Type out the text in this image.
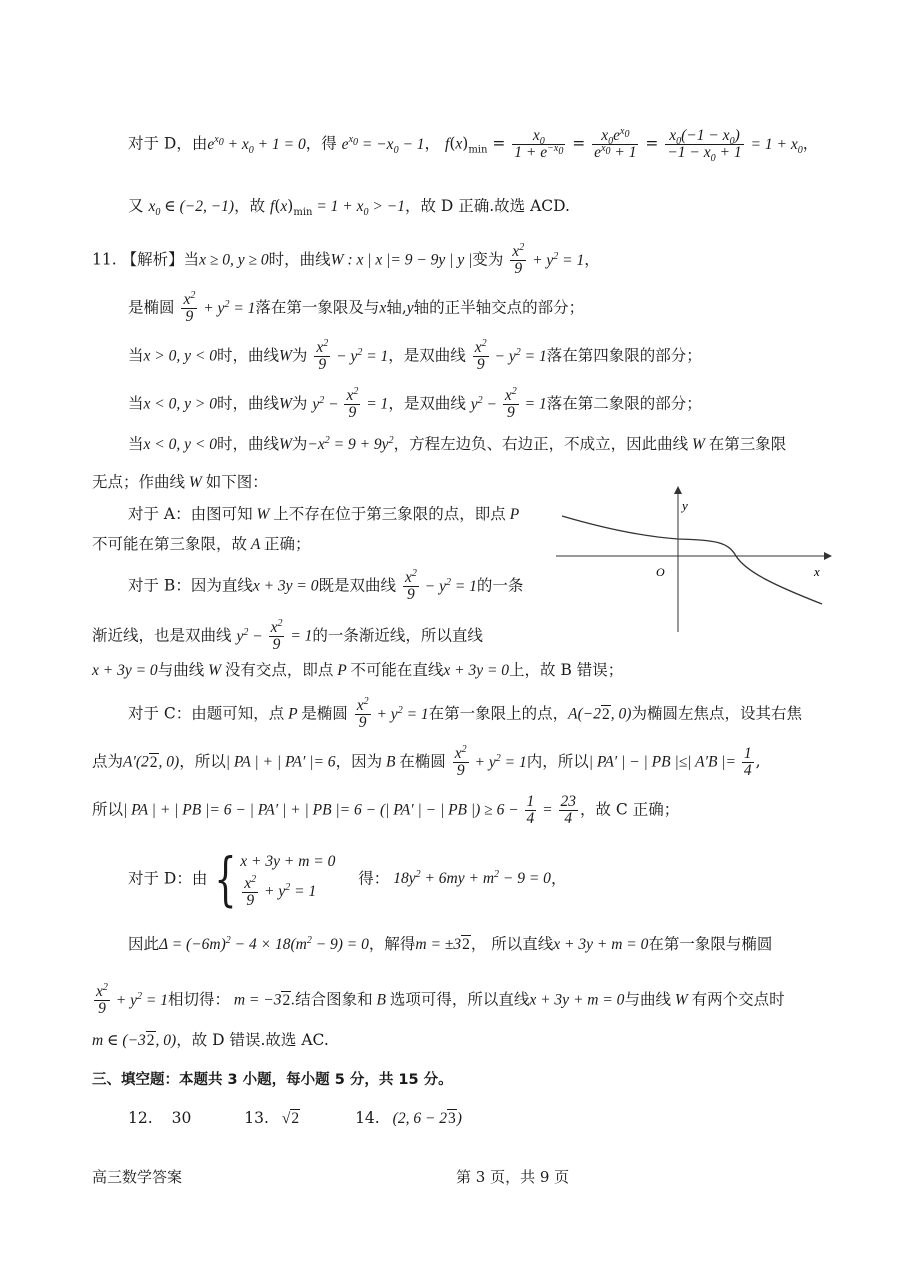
对于 D，由$e^{x_0} + x_0 + 1 = 0$，得 $e^{x_0} = -x_0 - 1$， $f(x)_{min} = \frac{x_0}{1 + e^{-x_0}} = \frac{x_0e^{x_0}}{e^{x_0} + 1} = \frac{x_0(-1 - x_0)}{-1 - x_0 + 1} = 1 + x_0$，
又 $x_0$ ∈ (−2, −1)，故 $f(x)_{min} = 1 + x_0 > -1$，故 D 正确.故选 ACD.
11. 【解析】当x ≥ 0, y ≥ 0时，曲线W : x | x |= 9 − 9y | y |变为 $\frac{x^2}{9} + y^2 = 1$，
是椭圆 $\frac{x^2}{9} + y^2 = 1$落在第一象限及与x轴,y轴的正半轴交点的部分；
当x > 0, y < 0时，曲线W为 $\frac{x^2}{9} - y^2 = 1$，是双曲线 $\frac{x^2}{9} - y^2 = 1$落在第四象限的部分；
当x < 0, y > 0时，曲线W为 $y^2 - \frac{x^2}{9} = 1$，是双曲线 $y^2 - \frac{x^2}{9} = 1$落在第二象限的部分；
当x < 0, y < 0时，曲线W为$-x^2 = 9 + 9y^2$，方程左边负、右边正，不成立，因此曲线 W 在第三象限
无点；作曲线 W 如下图：
对于 A：由图可知 W 上不存在位于第三象限的点，即点 P
不可能在第三象限，故 A 正确；
对于 B：因为直线x + 3y = 0既是双曲线 $\frac{x^2}{9} - y^2 = 1$的一条
渐近线，也是双曲线 $y^2 - \frac{x^2}{9} = 1$的一条渐近线，所以直线
x + 3y = 0与曲线 W 没有交点，即点 P 不可能在直线x + 3y = 0上，故 B 错误；
对于 C：由题可知，点 P 是椭圆 $\frac{x^2}{9} + y^2 = 1$在第一象限上的点，A(−22, 0)为椭圆左焦点，设其右焦
点为A′(22, 0)，所以| PA | + | PA′ |= 6，因为 B 在椭圆 $\frac{x^2}{9} + y^2 = 1$内，所以| PA′ | − | PB |≤| A′B |= $\frac{1}{4}$ ,
所以| PA | + | PB |= 6 − | PA′ | + | PB |= 6 − (| PA′ | − | PB |) ≥ $6 - \frac{1}{4} = \frac{23}{4}$ ，故 C 正确；
对于 D：由 { x + 3y + m = 0
$\frac{x^2}{9} + y^2 = 1$
得： $18y^2 + 6my + m^2 - 9 = 0$，
因此$\Delta = (-6m)^2 - 4 \times 18(m^2 - 9) = 0$，解得m = ±32， 所以直线x + 3y + m = 0在第一象限与椭圆
$\frac{x^2}{9} + y^2 = 1$相切得： m = −32.结合图象和 B 选项可得，所以直线x + 3y + m = 0与曲线 W 有两个交点时
m ∈ (−32, 0)，故 D 错误.故选 AC.
三、填空题：本题共 3 小题，每小题 5 分，共 15 分。
12. 30	13. √2	14. (2, 6 − 23)
y
x
O
高三数学答案	第 3 页，共 9 页
